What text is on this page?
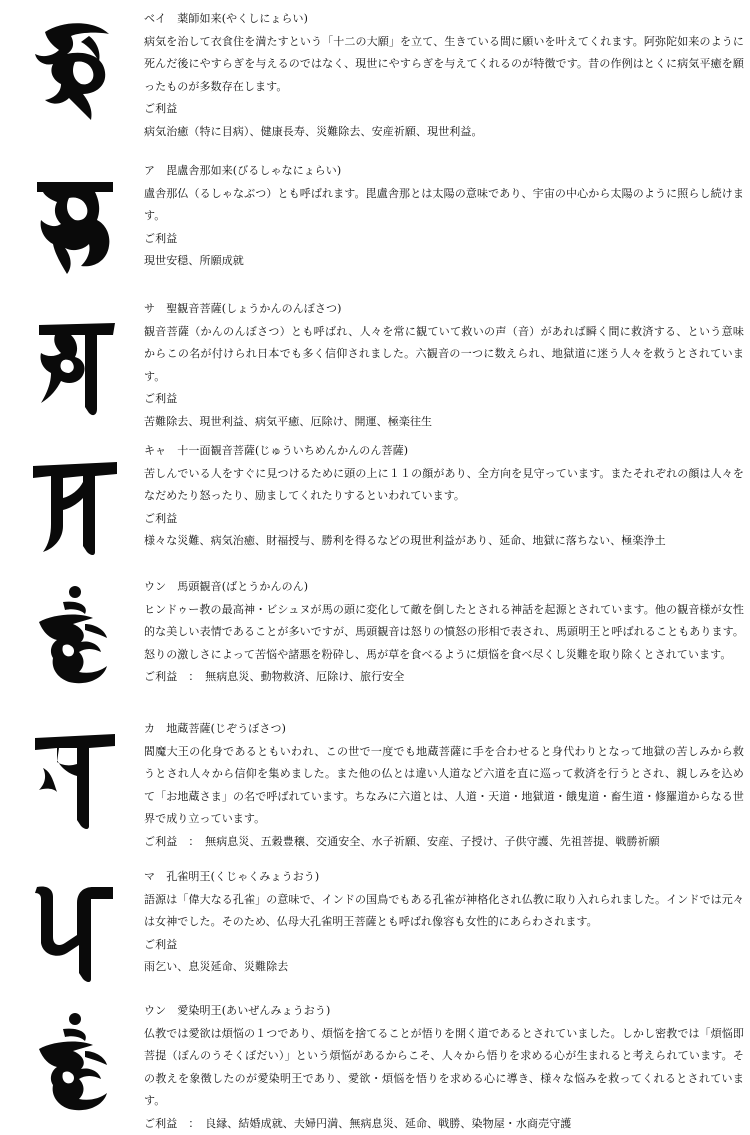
ベイ　薬師如来(やくしにょらい)

病気を治して衣食住を満たすという「十二の大願」を立て、生きている間に願いを叶えてくれます。阿弥陀如来のように死んだ後にやすらぎを与えるのではなく、現世にやすらぎを与えてくれるのが特徴です。昔の作例はとくに病気平癒を願ったものが多数存在します。

ご利益

病気治癒（特に目病）、健康長寿、災難除去、安産祈願、現世利益。

ア　毘盧舎那如来(びるしゃなにょらい)

盧舎那仏（るしゃなぶつ）とも呼ばれます。毘盧舎那とは太陽の意味であり、宇宙の中心から太陽のように照らし続けます。

ご利益

現世安穏、所願成就

サ　聖観音菩薩(しょうかんのんぼさつ)

観音菩薩（かんのんぼさつ）とも呼ばれ、人々を常に観ていて救いの声（音）があれば瞬く間に救済する、という意味からこの名が付けられ日本でも多く信仰されました。六観音の一つに数えられ、地獄道に迷う人々を救うとされています。

ご利益

苦難除去、現世利益、病気平癒、厄除け、開運、極楽往生

キャ　十一面観音菩薩(じゅういちめんかんのん菩薩)

苦しんでいる人をすぐに見つけるために頭の上に１１の顔があり、全方向を見守っています。またそれぞれの顔は人々をなだめたり怒ったり、励ましてくれたりするといわれています。

ご利益

様々な災難、病気治癒、財福授与、勝利を得るなどの現世利益があり、延命、地獄に落ちない、極楽浄土

ウン　馬頭観音(ばとうかんのん)

ヒンドゥー教の最高神・ビシュヌが馬の頭に変化して敵を倒したとされる神話を起源とされています。他の観音様が女性的な美しい表情であることが多いですが、馬頭観音は怒りの憤怒の形相で表され、馬頭明王と呼ばれることもあります。怒りの激しさによって苦悩や諸悪を粉砕し、馬が草を食べるように煩悩を食べ尽くし災難を取り除くとされています。

ご利益　：　無病息災、動物救済、厄除け、旅行安全

カ　地蔵菩薩(じぞうぼさつ)

閻魔大王の化身であるともいわれ、この世で一度でも地蔵菩薩に手を合わせると身代わりとなって地獄の苦しみから救うとされ人々から信仰を集めました。また他の仏とは違い人道など六道を直に巡って救済を行うとされ、親しみを込めて「お地蔵さま」の名で呼ばれています。ちなみに六道とは、人道・天道・地獄道・餓鬼道・畜生道・修羅道からなる世界で成り立っています。

ご利益　：　無病息災、五穀豊穣、交通安全、水子祈願、安産、子授け、子供守護、先祖菩提、戦勝祈願

マ　孔雀明王(くじゃくみょうおう)

語源は「偉大なる孔雀」の意味で、インドの国鳥でもある孔雀が神格化され仏教に取り入れられました。インドでは元々は女神でした。そのため、仏母大孔雀明王菩薩とも呼ばれ像容も女性的にあらわされます。

ご利益

雨乞い、息災延命、災難除去

ウン　愛染明王(あいぜんみょうおう)

仏教では愛欲は煩悩の１つであり、煩悩を捨てることが悟りを開く道であるとされていました。しかし密教では「煩悩即菩提（ぼんのうそくぼだい）」という煩悩があるからこそ、人々から悟りを求める心が生まれると考えられています。その教えを象徴したのが愛染明王であり、愛欲・煩悩を悟りを求める心に導き、様々な悩みを救ってくれるとされています。

ご利益　：　良縁、結婚成就、夫婦円満、無病息災、延命、戦勝、染物屋・水商売守護
